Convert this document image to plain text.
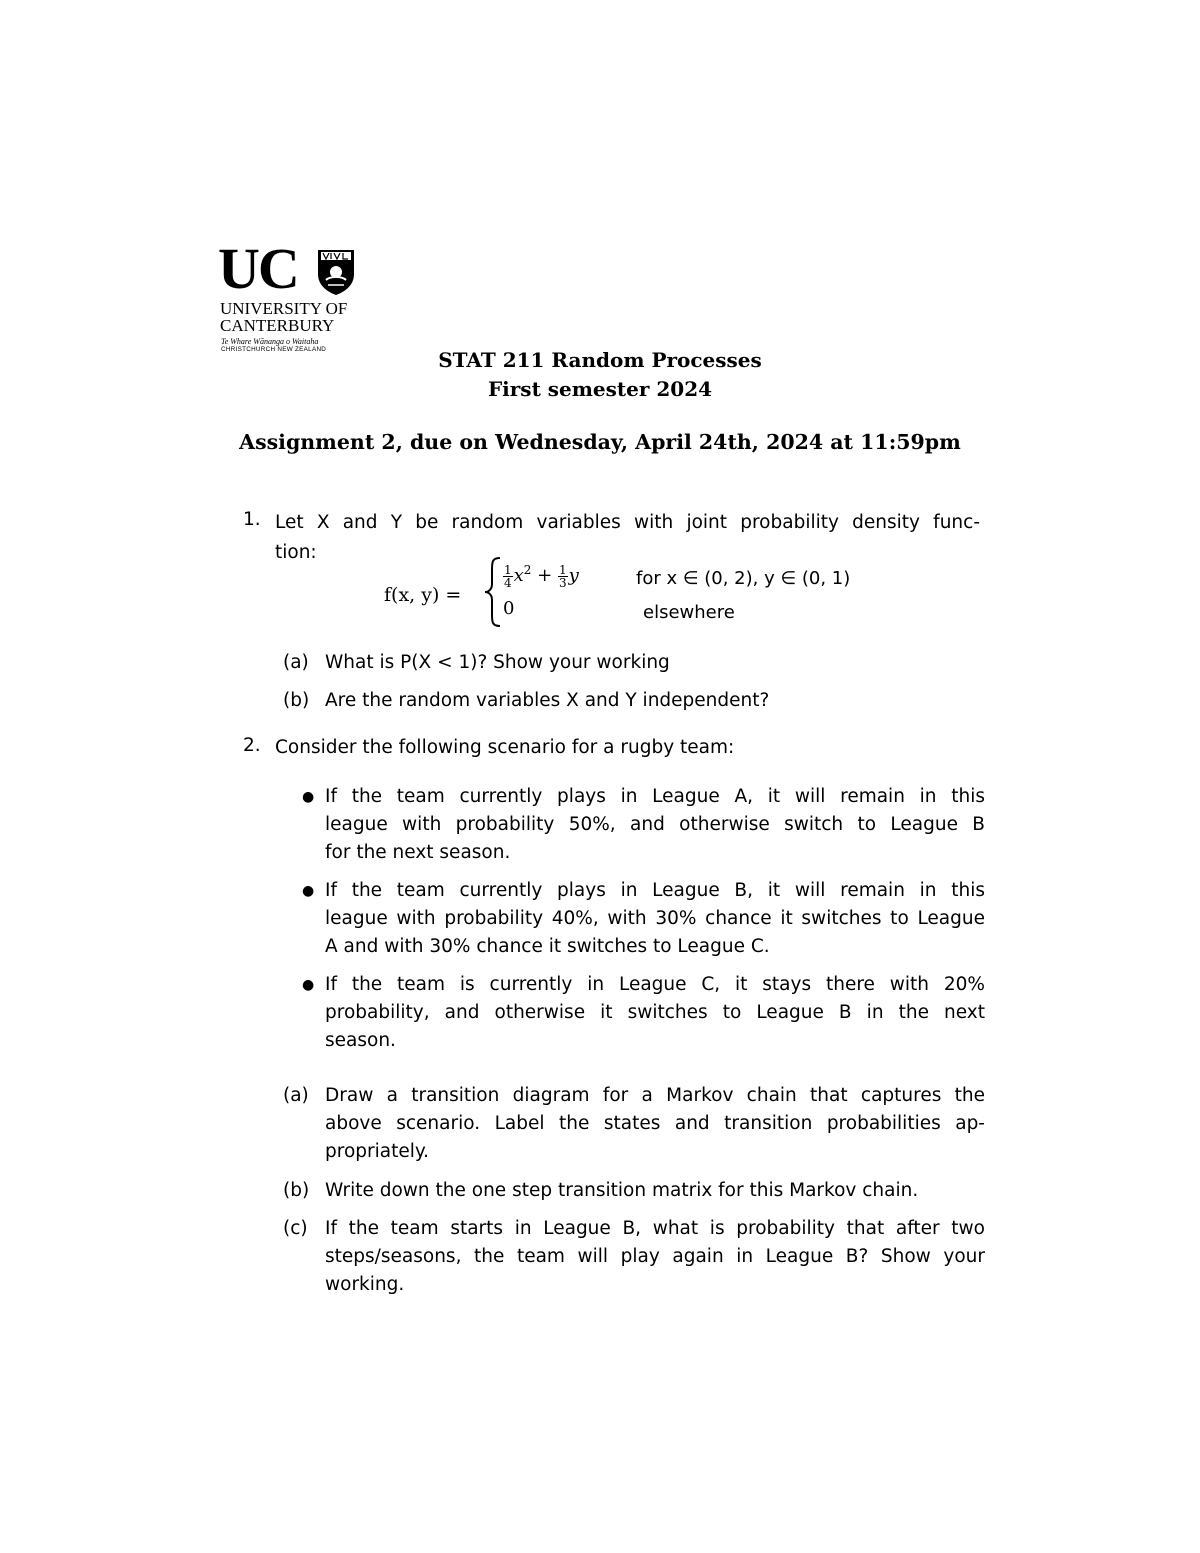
UC
UNIVERSITY OF
CANTERBURY
Te Whare Wānanga o Waitaha
CHRISTCHURCH NEW ZEALAND	STAT 211 Random Processes
First semester 2024
Assignment 2, due on Wednesday, April 24th, 2024 at 11:59pm
1. Let X and Y be random variables with joint probability density func-
tion:
f(x, y) =
$\frac{1}{4} x^2 + \frac{1}{3}$ y
0
for x ∈ (0, 2), y ∈ (0, 1)
elsewhere
(a) What is P(X < 1)? Show your working
(b) Are the random variables X and Y independent?
2. Consider the following scenario for a rugby team:
● If the team currently plays in League A, it will remain in this
league with probability 50%, and otherwise switch to League B
for the next season.
● If the team currently plays in League B, it will remain in this
league with probability 40%, with 30% chance it switches to League
A and with 30% chance it switches to League C.
● If the team is currently in League C, it stays there with 20%
probability, and otherwise it switches to League B in the next
season.
(a) Draw a transition diagram for a Markov chain that captures the
above scenario. Label the states and transition probabilities ap-
propriately.
(b) Write down the one step transition matrix for this Markov chain.
(c) If the team starts in League B, what is probability that after two
steps/seasons, the team will play again in League B? Show your
working.
